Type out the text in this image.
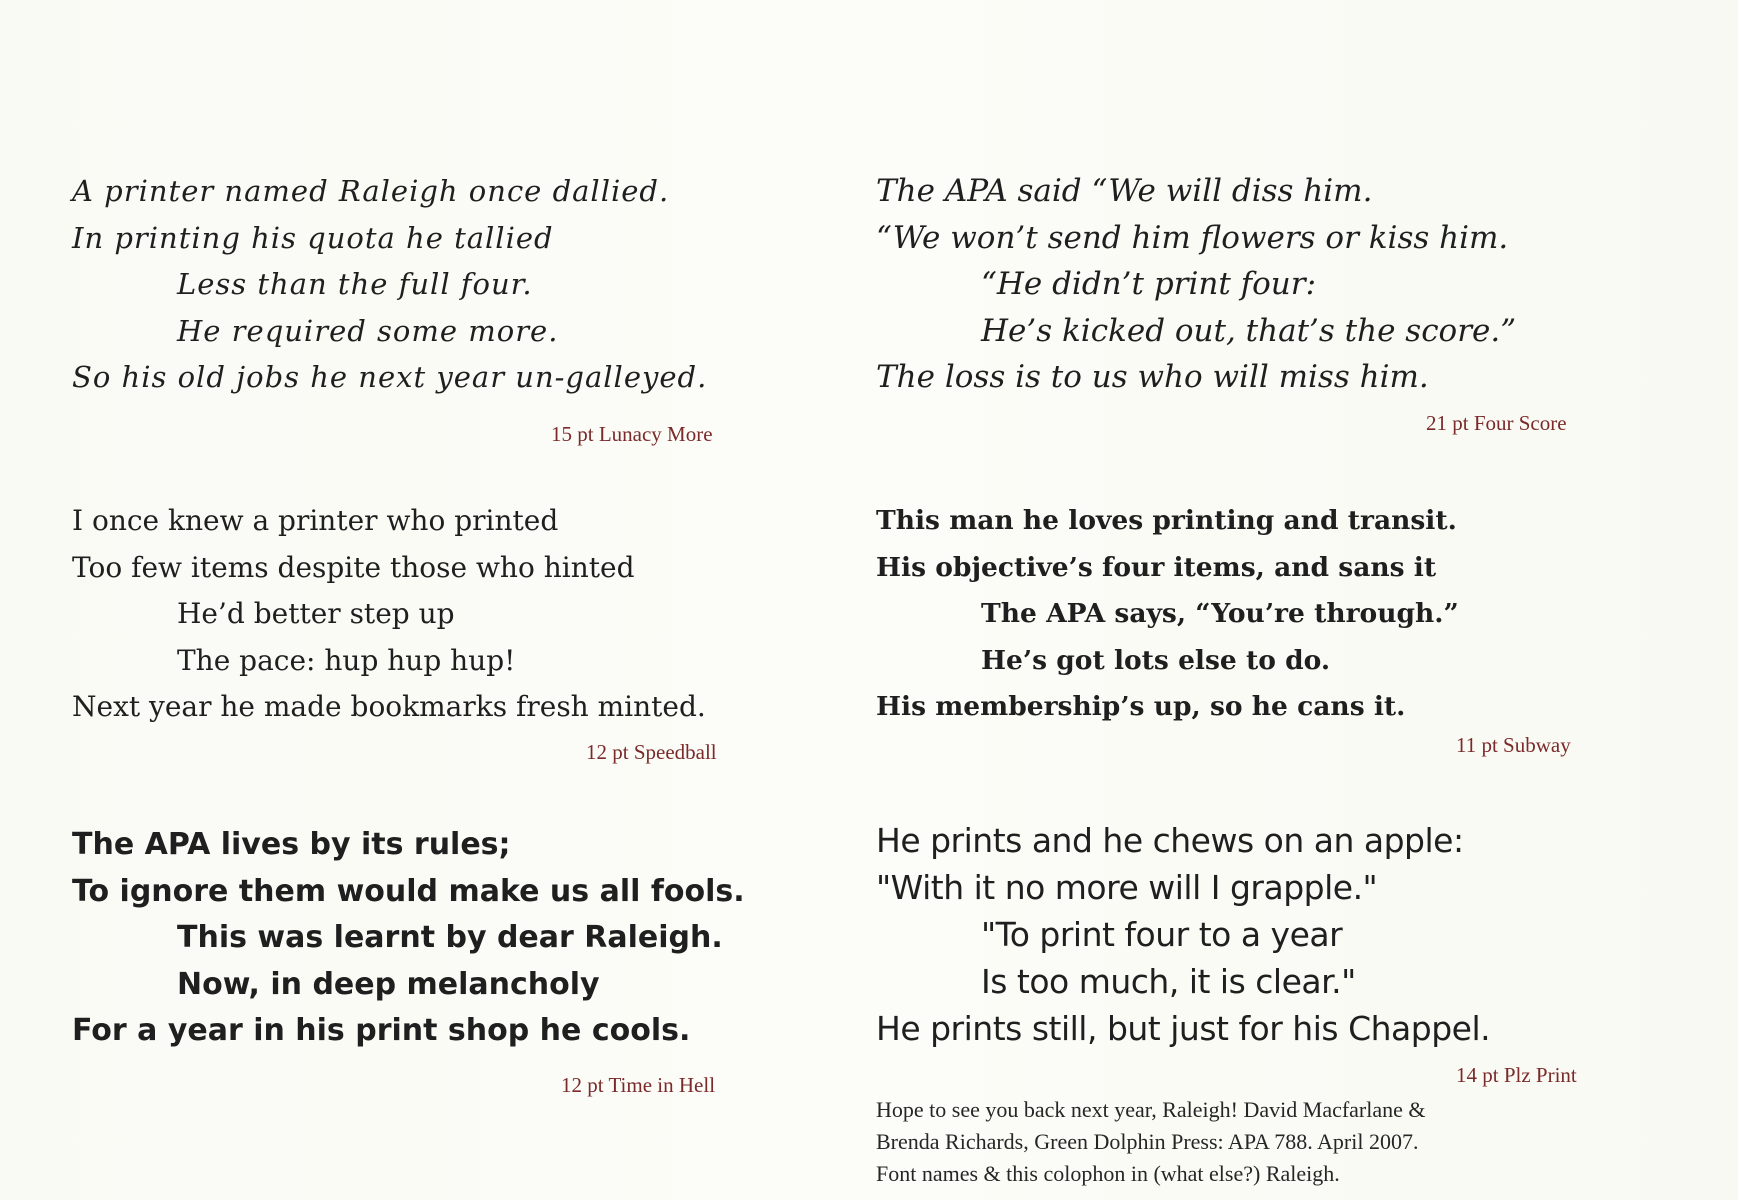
A printer named Raleigh once dallied.
In printing his quota he tallied
Less than the full four.
He required some more.
So his old jobs he next year un-galleyed.
15 pt Lunacy More
The APA said “We will diss him.
“We won’t send him flowers or kiss him.
“He didn’t print four:
He’s kicked out, that’s the score.”
The loss is to us who will miss him.
21 pt Four Score
I once knew a printer who printed
Too few items despite those who hinted
He’d better step up
The pace: hup hup hup!
Next year he made bookmarks fresh minted.
12 pt Speedball
This man he loves printing and transit.
His objective’s four items, and sans it
The APA says, “You’re through.”
He’s got lots else to do.
His membership’s up, so he cans it.
11 pt Subway
The APA lives by its rules;
To ignore them would make us all fools.
This was learnt by dear Raleigh.
Now, in deep melancholy
For a year in his print shop he cools.
12 pt Time in Hell
He prints and he chews on an apple:
"With it no more will I grapple."
"To print four to a year
Is too much, it is clear."
He prints still, but just for his Chappel.
14 pt Plz Print
Hope to see you back next year, Raleigh! David Macfarlane &
Brenda Richards, Green Dolphin Press: APA 788. April 2007.
Font names & this colophon in (what else?) Raleigh.
